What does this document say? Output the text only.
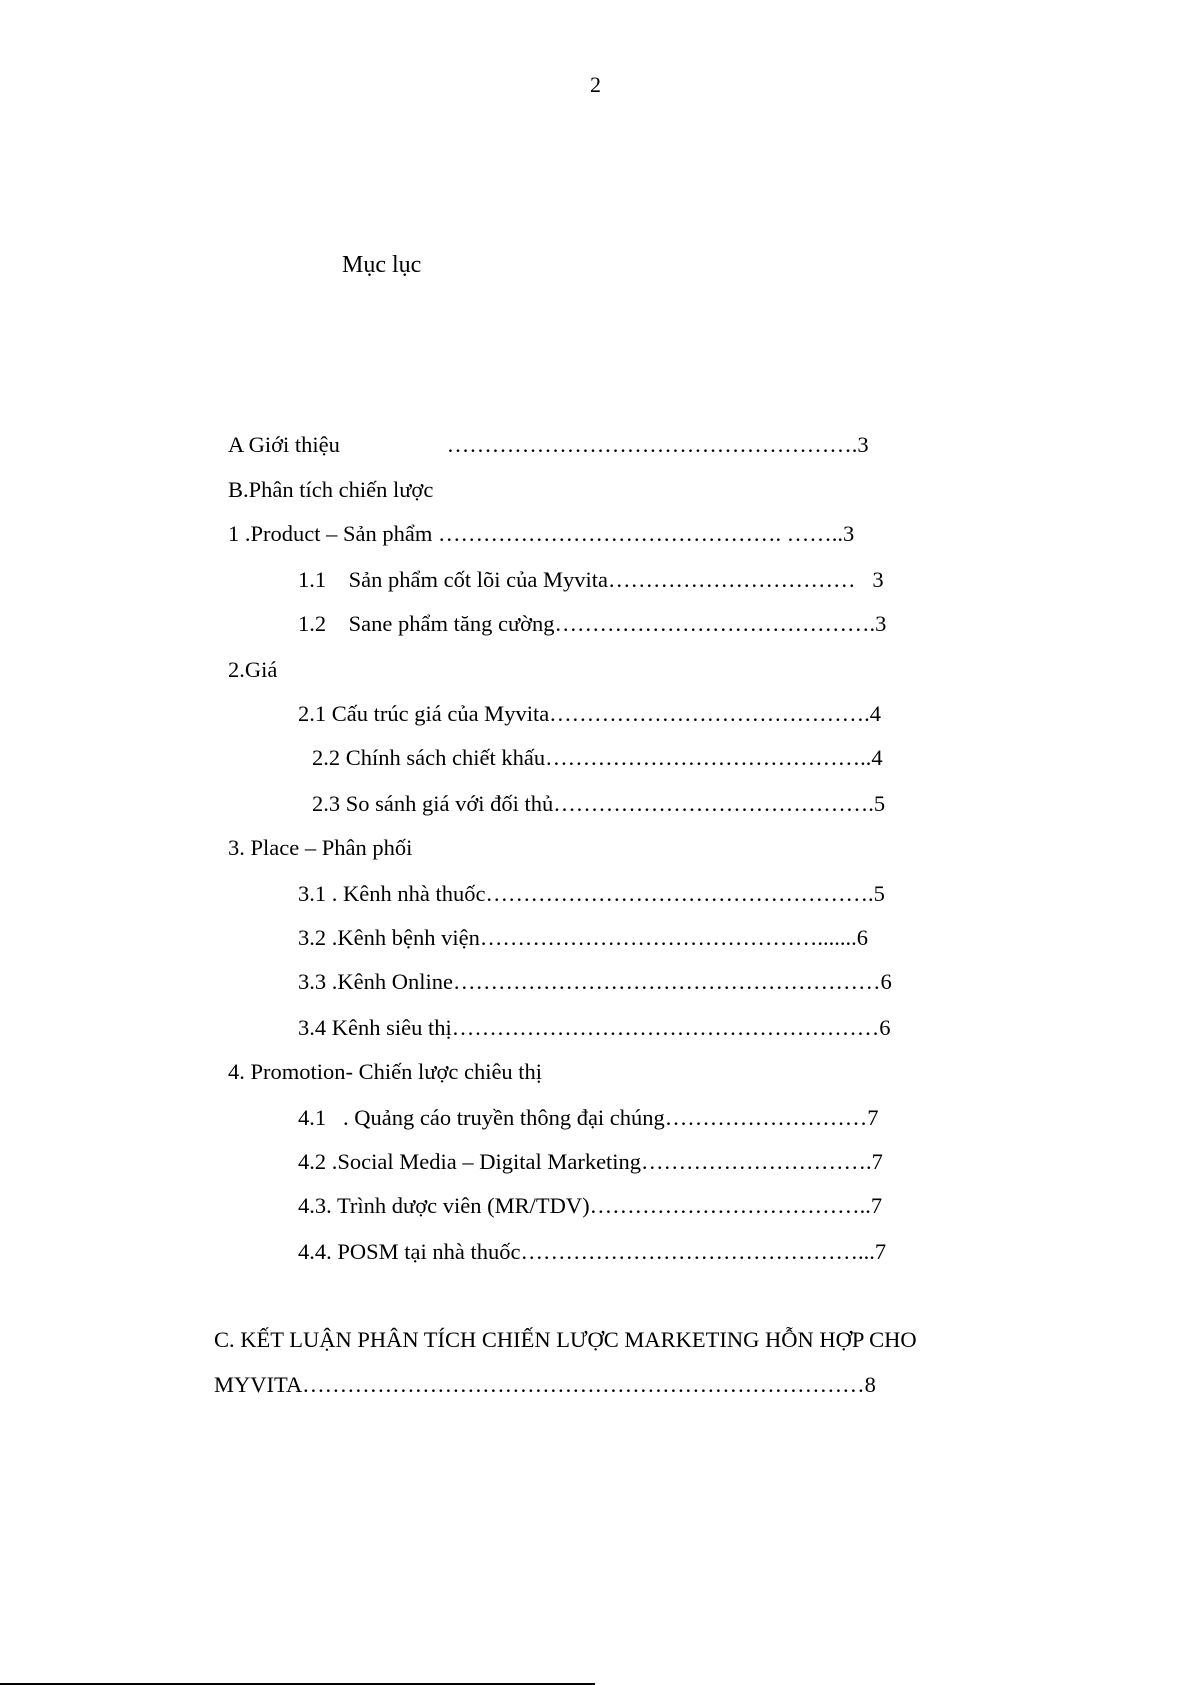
2
Mục lục
A Giới thiệu                   ……………………………………………….3
B.Phân tích chiến lược
1 .Product – Sản phẩm ………………………………………. ……..3
1.1    Sản phẩm cốt lõi của Myvita……………………………   3
1.2    Sane phẩm tăng cường…………………………………….3
2.Giá
2.1 Cấu trúc giá của Myvita…………………………………….4
2.2 Chính sách chiết khấu……………………………………..4
2.3 So sánh giá với đối thủ…………………………………….5
3. Place – Phân phối
3.1 . Kênh nhà thuốc…………………………………………….5
3.2 .Kênh bệnh viện……………………………………….......6
3.3 .Kênh Online…………………………………………………6
3.4 Kênh siêu thị…………………………………………………6
4. Promotion- Chiến lược chiêu thị
4.1   . Quảng cáo truyền thông đại chúng………………………7
4.2 .Social Media – Digital Marketing………………………….7
4.3. Trình dược viên (MR/TDV)………………………………..7
4.4. POSM tại nhà thuốc………………………………………...7
C. KẾT LUẬN PHÂN TÍCH CHIẾN LƯỢC MARKETING HỖN HỢP CHO
MYVITA…………………………………………………………………8
